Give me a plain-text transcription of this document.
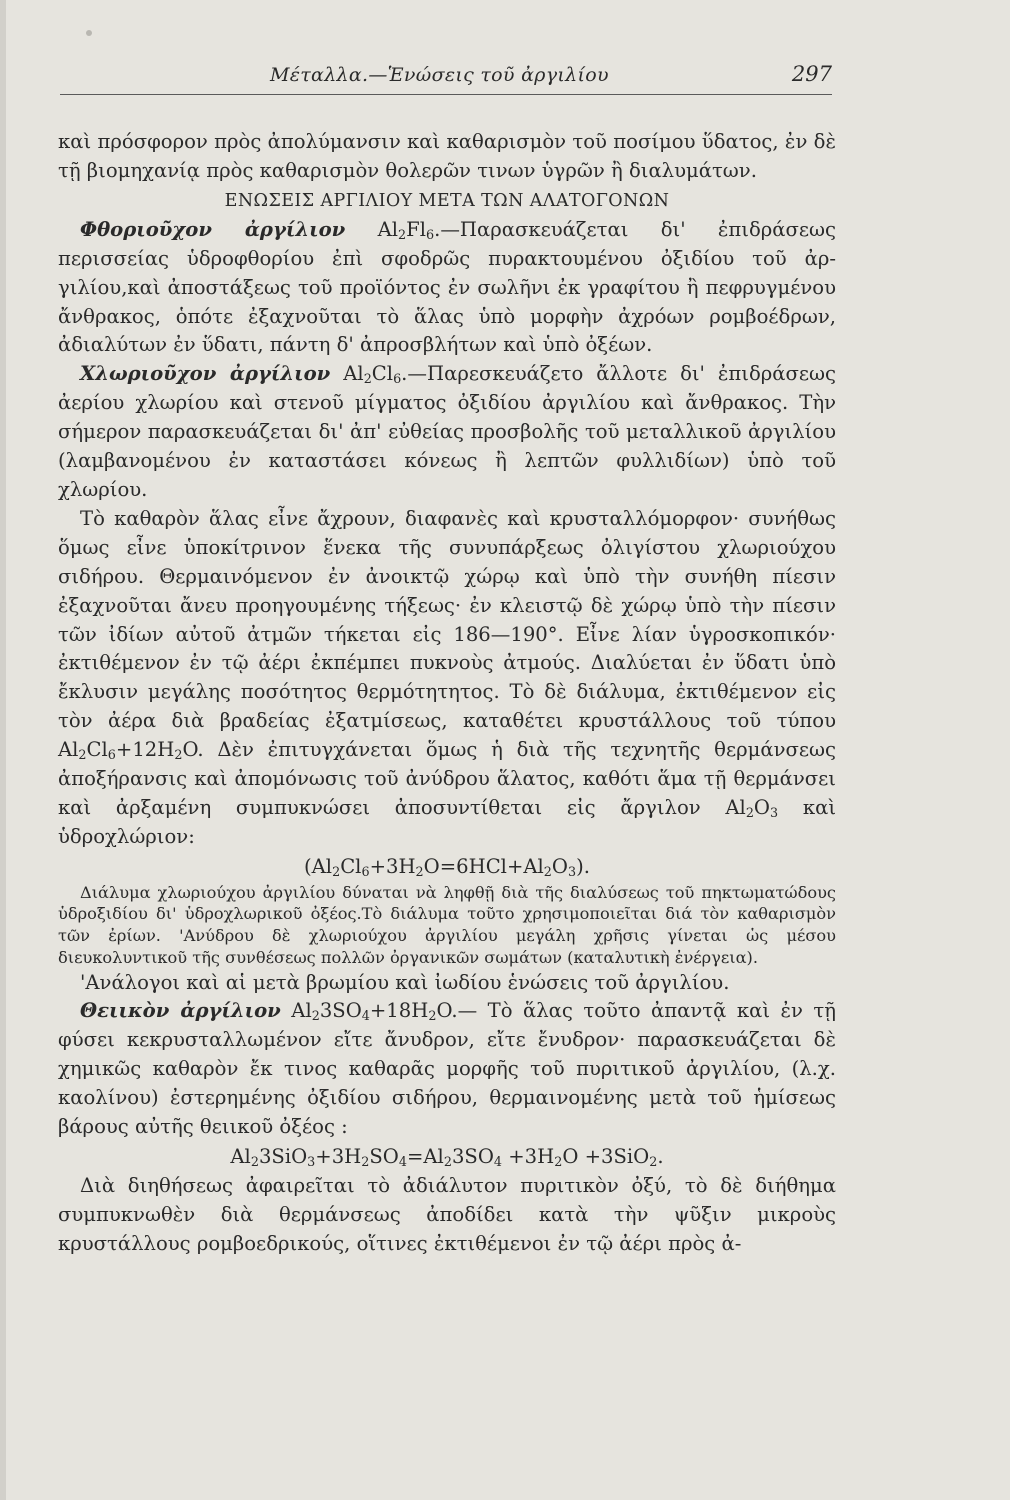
Μέταλλα.—Ἑνώσεις τοῦ ἀργιλίου	297

καὶ πρόσφορον πρὸς ἀπολύμανσιν καὶ καθαρισμὸν τοῦ ποσίμου ὕδατος, ἐν δὲ τῇ βιομηχανίᾳ πρὸς καθαρισμὸν θολερῶν τινων ὑγρῶν ἢ διαλυμάτων.

ΕΝΩΣΕΙΣ ΑΡΓΙΛΙΟΥ ΜΕΤΑ ΤΩΝ ΑΛΑΤΟΓΟΝΩΝ

Φθοριοῦχον ἀργίλιον $Al_2Fl_6.—\Pi\alpha\rho\alpha\sigma\kappa\varepsilon\upsilon ά\zeta\varepsilon\tau\alpha\iota$ δι' ἐπιδράσεως περισσείας ὑδροφθορίου ἐπὶ σφοδρῶς πυρακτουμένου ὀξιδίου τοῦ ἀργιλίου,καὶ ἀποστάξεως τοῦ προϊόντος ἐν σωλῆνι ἐκ γραφίτου ἢ πεφρυγμένου ἄνθρακος, ὁπότε ἐξαχνοῦται τὸ ἅλας ὑπὸ μορφὴν ἀχρόων ρομβοέδρων, ἀδιαλύτων ἐν ὕδατι, πάντη δ' ἀπροσβλήτων καὶ ὑπὸ ὀξέων.

Χλωριοῦχον ἀργίλιον $Al_2Cl_6.—\Pi\alpha\rho\varepsilon\sigma\kappa\varepsilon\upsilon ά\zeta\varepsilon\tau o$ ἄλλοτε δι' ἐπιδράσεως ἀερίου χλωρίου καὶ στενοῦ μίγματος ὀξιδίου ἀργιλίου καὶ ἄνθρακος. Τὴν σήμερον παρασκευάζεται δι' ἀπ' εὐθείας προσβολῆς τοῦ μεταλλικοῦ ἀργιλίου (λαμβανομένου ἐν καταστάσει κόνεως ἢ λεπτῶν φυλλιδίων) ὑπὸ τοῦ χλωρίου.

Τὸ καθαρὸν ἅλας εἶνε ἄχρουν, διαφανὲς καὶ κρυσταλλόμορφον· συνήθως ὅμως εἶνε ὑποκίτρινον ἕνεκα τῆς συνυπάρξεως ὀλιγίστου χλωριούχου σιδήρου. Θερμαινόμενον ἐν ἀνοικτῷ χώρῳ καὶ ὑπὸ τὴν συνήθη πίεσιν ἐξαχνοῦται ἄνευ προηγουμένης τήξεως· ἐν κλειστῷ δὲ χώρῳ ὑπὸ τὴν πίεσιν τῶν ἰδίων αὐτοῦ ἀτμῶν τήκεται εἰς 186—190°. Εἶνε λίαν ὑγροσκοπικόν· ἐκτιθέμενον ἐν τῷ ἀέρι ἐκπέμπει πυκνοὺς ἀτμούς. Διαλύεται ἐν ὕδατι ὑπὸ ἔκλυσιν μεγάλης ποσότητος θερμότητητος. Τὸ δὲ διάλυμα, ἐκτιθέμενον εἰς τὸν ἀέρα διὰ βραδείας ἐξατμίσεως, καταθέτει κρυστάλλους τοῦ τύπου $Al_2Cl_6+12H_2O$. Δὲν ἐπιτυγχάνεται ὅμως ἡ διὰ τῆς τεχνητῆς θερμάνσεως ἀποξήρανσις καὶ ἀπομόνωσις τοῦ ἀνύδρου ἅλατος, καθότι ἅμα τῇ θερμάνσει καὶ ἀρξαμένη συμπυκνώσει ἀποσυντίθεται εἰς ἄργιλον $Al_2O_3$ καὶ ὑδροχλώριον:

$(Al_2Cl_6+3H_2O=6HCl+Al_2O_3)$.

Διάλυμα χλωριούχου ἀργιλίου δύναται νὰ ληφθῇ διὰ τῆς διαλύσεως τοῦ πηκτωματώδους ὑδροξιδίου δι' ὑδροχλωρικοῦ ὀξέος.Τὸ διάλυμα τοῦτο χρησιμοποιεῖται διά τὸν καθαρισμὸν τῶν ἐρίων. 'Ανύδρου δὲ χλωριούχου ἀργιλίου μεγάλη χρῆσις γίνεται ὡς μέσου διευκολυντικοῦ τῆς συνθέσεως πολλῶν ὀργανικῶν σωμάτων (καταλυτικὴ ἐνέργεια).

'Ανάλογοι καὶ αἱ μετὰ βρωμίου καὶ ἰωδίου ἑνώσεις τοῦ ἀργιλίου.

Θειικὸν ἀργίλιον $Al_23SO_4+18H_2O.—$ Τὸ ἅλας τοῦτο ἀπαντᾷ καὶ ἐν τῇ φύσει κεκρυσταλλωμένον εἴτε ἄνυδρον, εἴτε ἔνυδρον· παρασκευάζεται δὲ χημικῶς καθαρὸν ἔκ τινος καθαρᾶς μορφῆς τοῦ πυριτικοῦ ἀργιλίου, (λ.χ. καολίνου) ἐστερημένης ὀξιδίου σιδήρου, θερμαινομένης μετὰ τοῦ ἡμίσεως βάρους αὐτῆς θειικοῦ ὀξέος :

$Al_23SiO_3+3H_2SO_4=Al_23SO_4 +3H_2O +3SiO_2$.

Διὰ διηθήσεως ἀφαιρεῖται τὸ ἀδιάλυτον πυριτικὸν ὀξύ, τὸ δὲ διήθημα συμπυκνωθὲν διὰ θερμάνσεως ἀποδίδει κατὰ τὴν ψῦξιν μικροὺς κρυστάλλους ρομβοεδρικούς, οἵτινες ἐκτιθέμενοι ἐν τῷ ἀέρι πρὸς ἀ-
